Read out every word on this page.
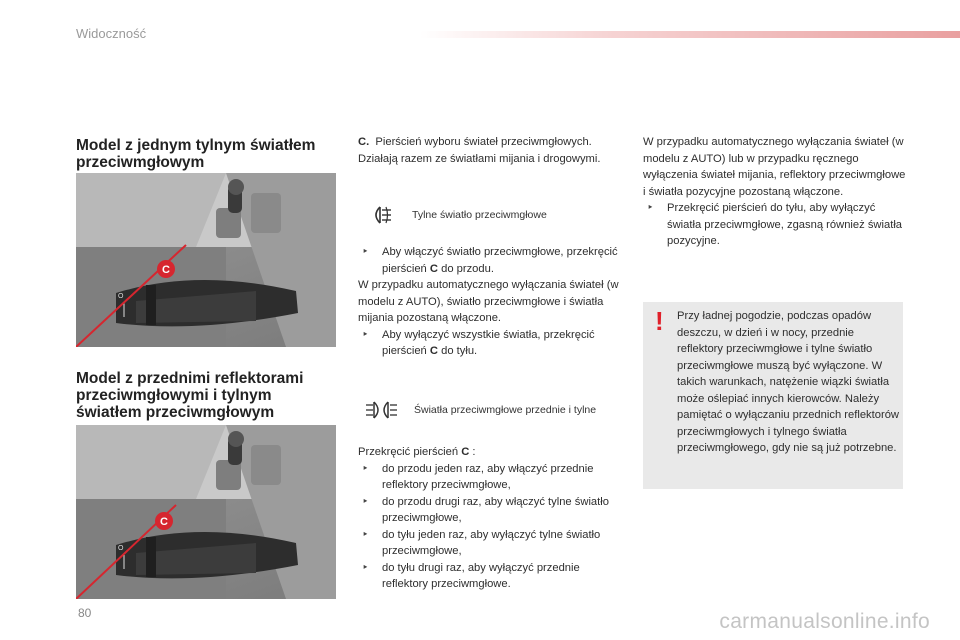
Widoczność
Model z jednym tylnym światłem
przeciwmgłowym
O
C
Model z przednimi reflektorami
przeciwmgłowymi i tylnym
światłem przeciwmgłowym
O
C

C. Pierścień wyboru świateł przeciwmgłowych. Działają razem ze światłami mijania i drogowymi.

Tylne światło przeciwmgłowe

‣ Aby włączyć światło przeciwmgłowe, przekręcić pierścień C do przodu.

W przypadku automatycznego wyłączania świateł (w modelu z AUTO), światło przeciwmgłowe i światła mijania pozostaną włączone.

‣ Aby wyłączyć wszystkie światła, przekręcić pierścień C do tyłu.

Światła przeciwmgłowe przednie i tylne

Przekręcić pierścień C :

‣ do przodu jeden raz, aby włączyć przednie reflektory przeciwmgłowe,

‣ do przodu drugi raz, aby włączyć tylne światło przeciwmgłowe,

‣ do tyłu jeden raz, aby wyłączyć tylne światło przeciwmgłowe,

‣ do tyłu drugi raz, aby wyłączyć przednie reflektory przeciwmgłowe.

W przypadku automatycznego wyłączania świateł (w modelu z AUTO) lub w przypadku ręcznego wyłączenia świateł mijania, reflektory przeciwmgłowe i światła pozycyjne pozostaną włączone.

‣ Przekręcić pierścień do tyłu, aby wyłączyć światła przeciwmgłowe, zgasną również światła pozycyjne.

! Przy ładnej pogodzie, podczas opadów deszczu, w dzień i w nocy, przednie reflektory przeciwmgłowe i tylne światło przeciwmgłowe muszą być wyłączone. W takich warunkach, natężenie wiązki światła może oślepiać innych kierowców. Należy pamiętać o wyłączaniu przednich reflektorów przeciwmgłowych i tylnego światła przeciwmgłowego, gdy nie są już potrzebne.
80	carmanualsonline.info
